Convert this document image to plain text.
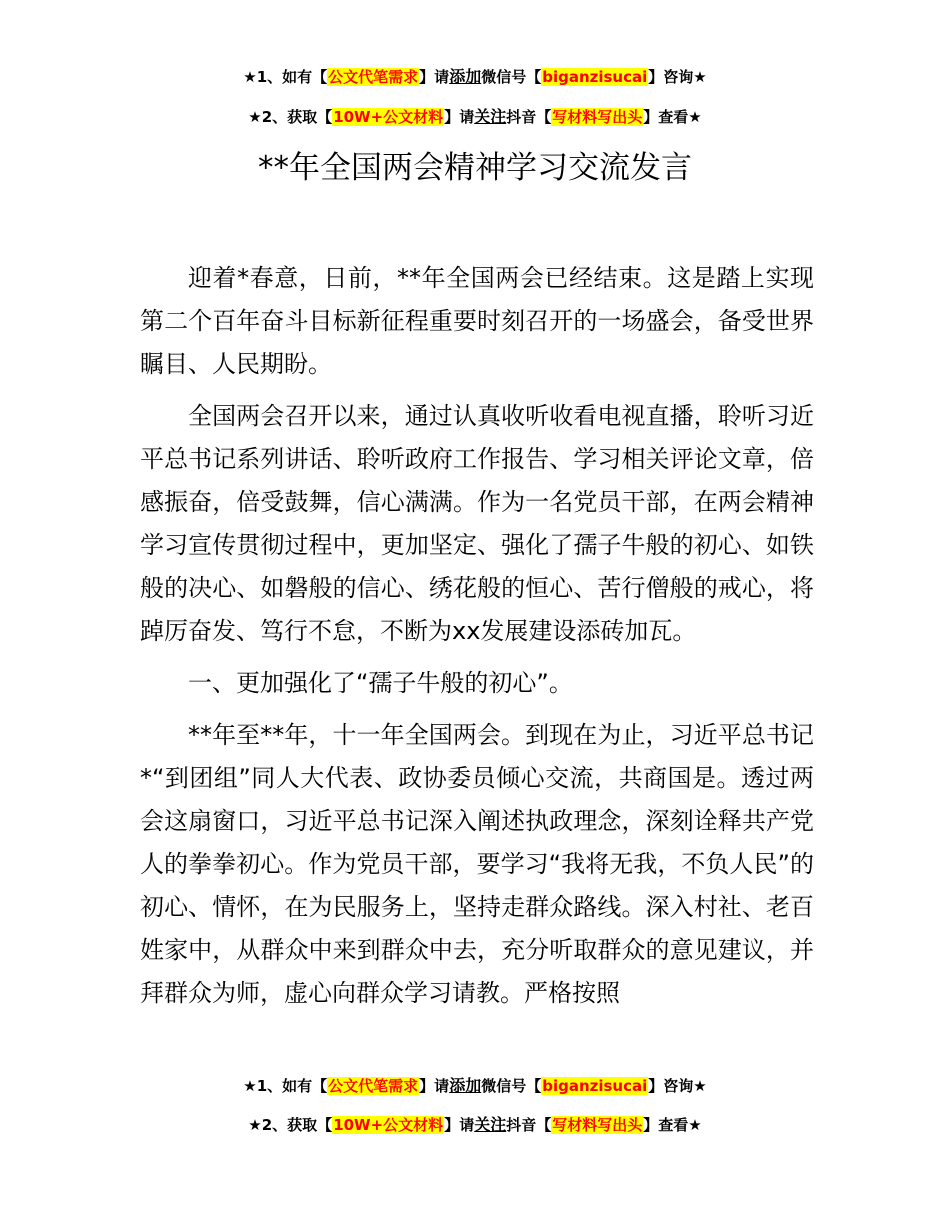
★1、如有【公文代笔需求】请添加微信号【biganzisucai】咨询★
★2、获取【10W+公文材料】请关注抖音【写材料写出头】查看★
**年全国两会精神学习交流发言

迎着*春意，日前，**年全国两会已经结束。这是踏上实现第二个百年奋斗目标新征程重要时刻召开的一场盛会，备受世界瞩目、人民期盼。

全国两会召开以来，通过认真收听收看电视直播，聆听习近平总书记系列讲话、聆听政府工作报告、学习相关评论文章，倍感振奋，倍受鼓舞，信心满满。作为一名党员干部，在两会精神学习宣传贯彻过程中，更加坚定、强化了孺子牛般的初心、如铁般的决心、如磐般的信心、绣花般的恒心、苦行僧般的戒心，将踔厉奋发、笃行不怠，不断为xx发展建设添砖加瓦。

一、更加强化了“孺子牛般的初心”。

**年至**年，十一年全国两会。到现在为止，习近平总书记*“到团组”同人大代表、政协委员倾心交流，共商国是。透过两会这扇窗口，习近平总书记深入阐述执政理念，深刻诠释共产党人的拳拳初心。作为党员干部，要学习“我将无我，不负人民”的初心、情怀，在为民服务上，坚持走群众路线。深入村社、老百姓家中，从群众中来到群众中去，充分听取群众的意见建议，并拜群众为师，虚心向群众学习请教。严格按照

★1、如有【公文代笔需求】请添加微信号【biganzisucai】咨询★
★2、获取【10W+公文材料】请关注抖音【写材料写出头】查看★
